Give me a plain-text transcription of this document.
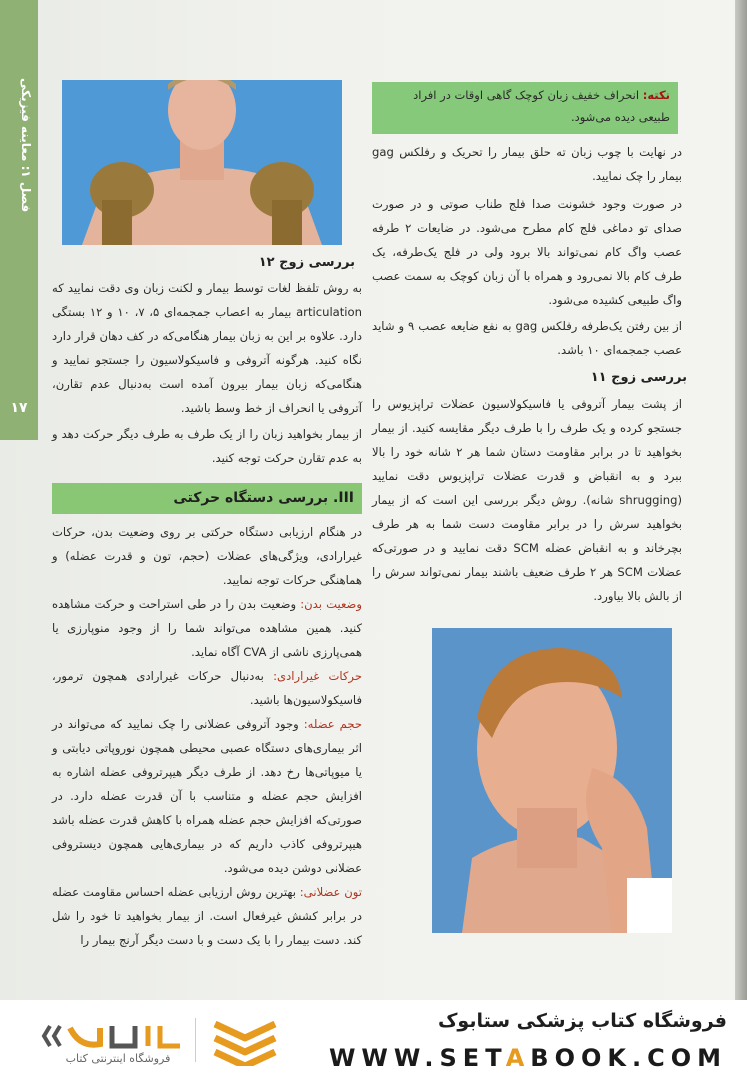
فصل ۱: معاینه فیزیکی
۱۷
نکته: انحراف خفیف زبان کوچک گاهی اوقات در افراد طبیعی دیده می‌شود.

در نهایت با چوب زبان ته حلق بیمار را تحریک و رفلکس gag بیمار را چک نمایید.

در صورت وجود خشونت صدا فلج طناب صوتی و در صورت صدای تو دماغی فلج کام مطرح می‌شود. در ضایعات ۲ طرفه عصب واگ کام نمی‌تواند بالا برود ولی در فلج یک‌طرفه، یک طرف کام بالا نمی‌رود و همراه با آن زبان کوچک به سمت عصب واگ طبیعی کشیده می‌شود.

از بین رفتن یک‌طرفه رفلکس gag به نفع ضایعه عصب ۹ و شاید عصب جمجمه‌ای ۱۰ باشد.

بررسی زوج ۱۱

از پشت بیمار آتروفی یا فاسیکولاسیون عضلات تراپزیوس را جستجو کرده و یک طرف را با طرف دیگر مقایسه کنید. از بیمار بخواهید تا در برابر مقاومت دستان شما هر ۲ شانه خود را بالا ببرد و به انقباض و قدرت عضلات تراپزیوس دقت نمایید (shrugging شانه). روش دیگر بررسی این است که از بیمار بخواهید سرش را در برابر مقاومت دست شما به هر طرف بچرخاند و به انقباض عضله SCM دقت نمایید و در صورتی‌که عضلات SCM هر ۲ طرف ضعیف باشند بیمار نمی‌تواند سرش را از بالش بالا بیاورد.

بررسی زوج ۱۲

به روش تلفظ لغات توسط بیمار و لکنت زبان وی دقت نمایید که articulation بیمار به اعصاب جمجمه‌ای ۵، ۷، ۱۰ و ۱۲ بستگی دارد. علاوه بر این به زبان بیمار هنگامی‌که در کف دهان قرار دارد نگاه کنید. هرگونه آتروفی و فاسیکولاسیون را جستجو نمایید و هنگامی‌که زبان بیمار بیرون آمده است به‌دنبال عدم تقارن، آتروفی یا انحراف از خط وسط باشید.

از بیمار بخواهید زبان را از یک طرف به طرف دیگر حرکت دهد و به عدم تقارن حرکت توجه کنید.

III. بررسی دستگاه حرکتی

در هنگام ارزیابی دستگاه حرکتی بر روی وضعیت بدن، حرکات غیرارادی، ویژگی‌های عضلات (حجم، تون و قدرت عضله) و هماهنگی حرکات توجه نمایید.

وضعیت بدن: وضعیت بدن را در طی استراحت و حرکت مشاهده کنید. همین مشاهده می‌تواند شما را از وجود منوپارزی یا همی‌پارزی ناشی از CVA آگاه نماید.

حرکات غیرارادی: به‌دنبال حرکات غیرارادی همچون ترمور، فاسیکولاسیون‌ها باشید.

حجم عضله: وجود آتروفی عضلانی را چک نمایید که می‌تواند در اثر بیماری‌های دستگاه عصبی محیطی همچون نوروپاتی دیابتی و یا میوپاتی‌ها رخ دهد. از طرف دیگر هیپرتروفی عضله اشاره به افزایش حجم عضله و متناسب با آن قدرت عضله دارد. در صورتی‌که افزایش حجم عضله همراه با کاهش قدرت عضله باشد هیپرتروفی کاذب داریم که در بیماری‌هایی همچون دیستروفی عضلانی دوشن دیده می‌شود.

تون عضلانی: بهترین روش ارزیابی عضله احساس مقاومت عضله در برابر کشش غیرفعال است. از بیمار بخواهید تا خود را شل کند. دست بیمار را با یک دست و با دست دیگر آرنج بیمار را

فروشگاه کتاب پزشکی ستابوک
WWW.SETABOOK.COM
فروشگاه اینترنتی کتاب
